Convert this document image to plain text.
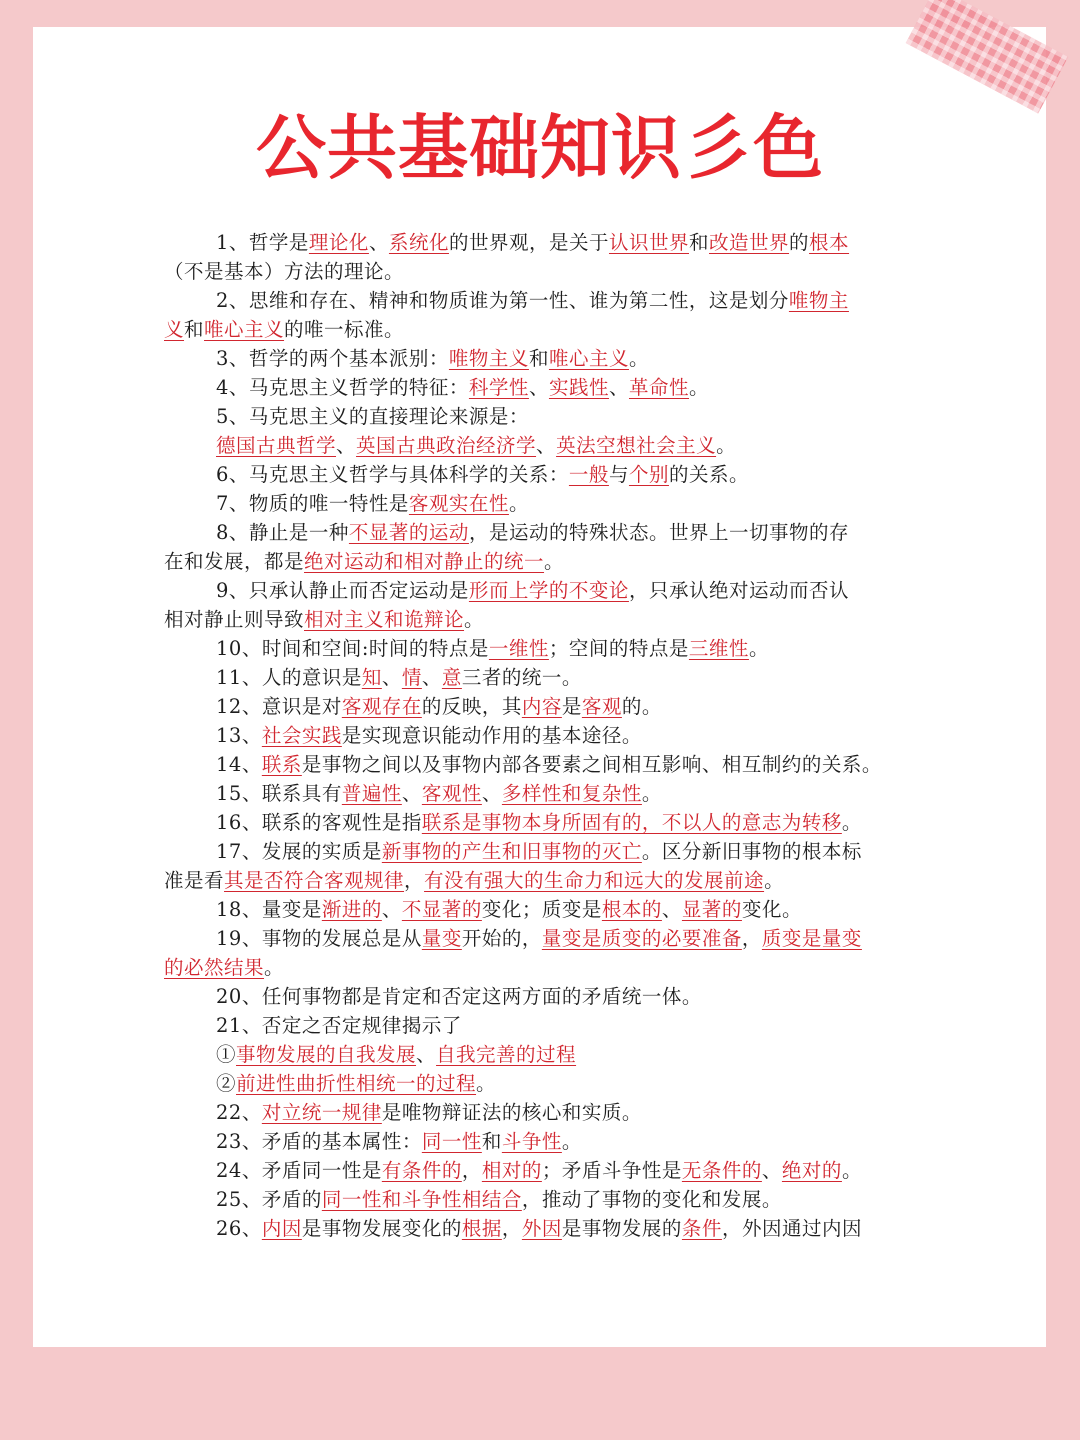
公共基础知识彡色
1、哲学是理论化、系统化的世界观，是关于认识世界和改造世界的根本
（不是基本）方法的理论。
2、思维和存在、精神和物质谁为第一性、谁为第二性，这是划分唯物主
义和唯心主义的唯一标准。
3、哲学的两个基本派别：唯物主义和唯心主义。
4、马克思主义哲学的特征：科学性、实践性、革命性。
5、马克思主义的直接理论来源是：
德国古典哲学、英国古典政治经济学、英法空想社会主义。
6、马克思主义哲学与具体科学的关系：一般与个别的关系。
7、物质的唯一特性是客观实在性。
8、静止是一种不显著的运动，是运动的特殊状态。世界上一切事物的存
在和发展，都是绝对运动和相对静止的统一。
9、只承认静止而否定运动是形而上学的不变论，只承认绝对运动而否认
相对静止则导致相对主义和诡辩论。
10、时间和空间:时间的特点是一维性；空间的特点是三维性。
11、人的意识是知、情、意三者的统一。
12、意识是对客观存在的反映，其内容是客观的。
13、社会实践是实现意识能动作用的基本途径。
14、联系是事物之间以及事物内部各要素之间相互影响、相互制约的关系。
15、联系具有普遍性、客观性、多样性和复杂性。
16、联系的客观性是指联系是事物本身所固有的，不以人的意志为转移。
17、发展的实质是新事物的产生和旧事物的灭亡。区分新旧事物的根本标
准是看其是否符合客观规律，有没有强大的生命力和远大的发展前途。
18、量变是渐进的、不显著的变化；质变是根本的、显著的变化。
19、事物的发展总是从量变开始的，量变是质变的必要准备，质变是量变
的必然结果。
20、任何事物都是肯定和否定这两方面的矛盾统一体。
21、否定之否定规律揭示了
①事物发展的自我发展、自我完善的过程
②前进性曲折性相统一的过程。
22、对立统一规律是唯物辩证法的核心和实质。
23、矛盾的基本属性：同一性和斗争性。
24、矛盾同一性是有条件的，相对的；矛盾斗争性是无条件的、绝对的。
25、矛盾的同一性和斗争性相结合，推动了事物的变化和发展。
26、内因是事物发展变化的根据，外因是事物发展的条件，外因通过内因
